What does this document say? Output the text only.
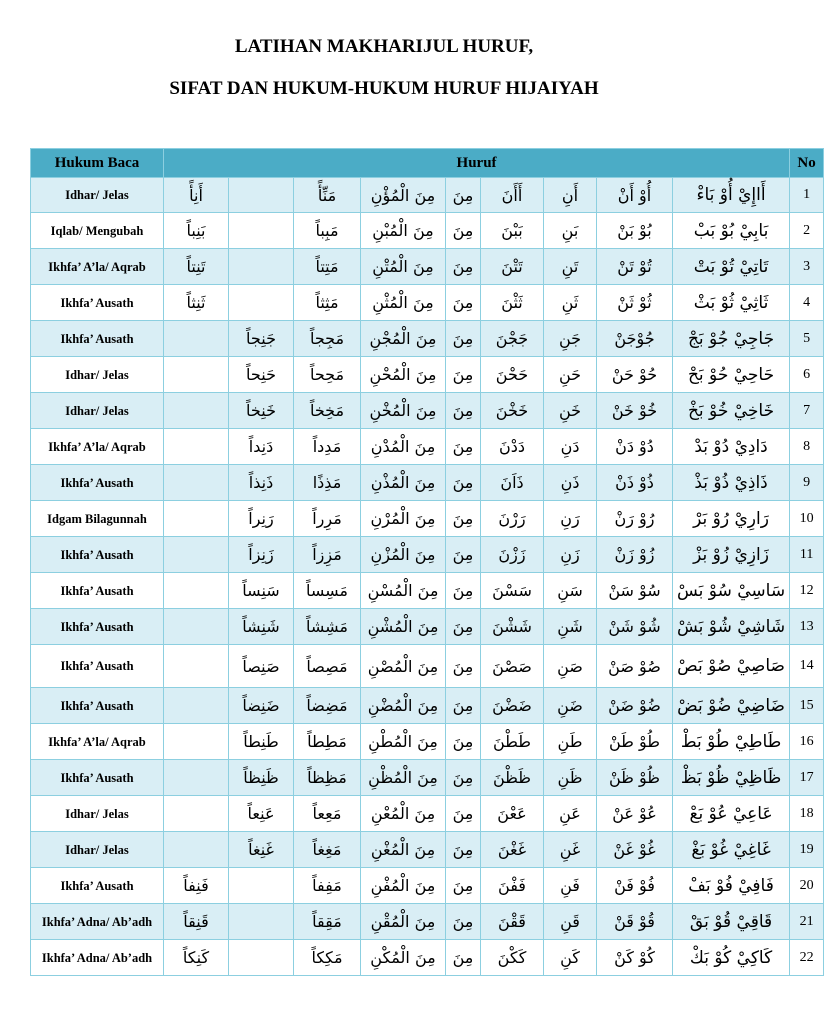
LATIHAN MAKHARIJUL HURUF,
SIFAT DAN HUKUM-HUKUM HURUF HIJAIYAH
Hukum Baca	Huruf									No
Idhar/ Jelas	أَنِأً		مَنِّأً	مِنَ الْمُؤْنِ	مِنَ	أَأَنَ	أَنِ	أُوْ أَنْ	أَاإِيْ أُوْ بَاءْ	1
Iqlab/ Mengubah	بَنِباً		مَبِباً	مِنَ الْمُبْنِ	مِنَ	بَبْنَ	بَنِ	بُوْ بَنْ	بَابِيْ بُوْ بَبْ	2
Ikhfa’ A’la/ Aqrab	تَنِتاً		مَتِتاً	مِنَ الْمُتْنِ	مِنَ	تَتْنَ	تَنِ	تُوْ تَنْ	تَاتِيْ تُوْ بَتْ	3
Ikhfa’ Ausath	ثَنِثاً		مَثِثاً	مِنَ الْمُثْنِ	مِنَ	ثَثْنَ	ثَنِ	ثُوْ ثَنْ	ثَاثِيْ ثُوْ بَثْ	4
Ikhfa’ Ausath		جَنِجاً	مَجِجاً	مِنَ الْمُجْنِ	مِنَ	جَجْنَ	جَنِ	جُوْجَنْ	جَاجِيْ جُوْ بَجْ	5
Idhar/ Jelas		حَنِحاً	مَحِحاً	مِنَ الْمُحْنِ	مِنَ	حَحْنَ	حَنِ	حُوْ حَنْ	حَاحِيْ حُوْ بَحْ	6
Idhar/ Jelas		خَنِخاً	مَخِخاً	مِنَ الْمُخْنِ	مِنَ	خَخْنَ	خَنِ	خُوْ خَنْ	خَاخِيْ خُوْ بَخْ	7
Ikhfa’ A’la/ Aqrab		دَنِداً	مَدِداً	مِنَ الْمُدْنِ	مِنَ	دَدْنَ	دَنِ	دُوْ دَنْ	دَادِيْ دُوْ بَدْ	8
Ikhfa’ Ausath		ذَنِذاً	مَذِذًا	مِنَ الْمُذْنِ	مِنَ	ذَاَنَ	ذَنِ	ذُوْ ذَنْ	ذَاذِيْ ذُوْ بَذْ	9
Idgam Bilagunnah		رَنِراً	مَرِراً	مِنَ الْمُرْنِ	مِنَ	رَرْنَ	رَنِ	رُوْ رَنْ	رَارِيْ رُوْ بَرْ	10
Ikhfa’ Ausath		زَنِزاً	مَزِزاً	مِنَ الْمُزْنِ	مِنَ	زَزْنَ	زَنِ	زُوْ زَنْ	زَازِيْ زُوْ بَزْ	11
Ikhfa’ Ausath		سَنِساً	مَسِساً	مِنَ الْمُسْنِ	مِنَ	سَسْنَ	سَنِ	سُوْ سَنْ	سَاسِيْ سُوْ بَسْ	12
Ikhfa’ Ausath		شَنِشاً	مَشِشاً	مِنَ الْمُشْنِ	مِنَ	شَشْنَ	شَنِ	شُوْ شَنْ	شَاشِيْ شُوْ بَشْ	13
Ikhfa’ Ausath		صَنِصاً	مَصِصاً	مِنَ الْمُصْنِ	مِنَ	صَصْنَ	صَنِ	صُوْ صَنْ	صَاصِيْ صُوْ بَصْ	14
Ikhfa’ Ausath		ضَنِضاً	مَضِضاً	مِنَ الْمُضْنِ	مِنَ	ضَضْنَ	ضَنِ	ضُوْ ضَنْ	ضَاضِيْ ضُوْ بَضْ	15
Ikhfa’ A’la/ Aqrab		طَنِطاً	مَطِطاً	مِنَ الْمُطْنِ	مِنَ	طَطْنَ	طَنِ	طُوْ طَنْ	طَاطِيْ طُوْ بَطْ	16
Ikhfa’ Ausath		ظَنِظاً	مَظِظاً	مِنَ الْمُظْنِ	مِنَ	ظَظْنَ	ظَنِ	ظُوْ ظَنْ	ظَاظِيْ ظُوْ بَظْ	17
Idhar/ Jelas		عَنِعاً	مَعِعاً	مِنَ الْمُعْنِ	مِنَ	عَعْنَ	عَنِ	عُوْ عَنْ	عَاعِيْ عُوْ بَعْ	18
Idhar/ Jelas		غَنِغاً	مَغِغاً	مِنَ الْمُغْنِ	مِنَ	غَغْنَ	غَنِ	غُوْ غَنْ	غَاغِيْ غُوْ بَغْ	19
Ikhfa’ Ausath	فَنِفاً		مَفِفاً	مِنَ الْمُفْنِ	مِنَ	فَفْنَ	فَنِ	فُوْ فَنْ	فَافِيْ فُوْ بَفْ	20
Ikhfa’ Adna/ Ab’adh	قَنِقاً		مَقِقاً	مِنَ الْمُقْنِ	مِنَ	قَقْنَ	قَنِ	قُوْ قَنْ	قَاقِيْ قُوْ بَقْ	21
Ikhfa’ Adna/ Ab’adh	كَنِكاً		مَكِكاً	مِنَ الْمُكْنِ	مِنَ	كَكْنَ	كَنِ	كُوْ كَنْ	كَاكِيْ كُوْ بَكْ	22
